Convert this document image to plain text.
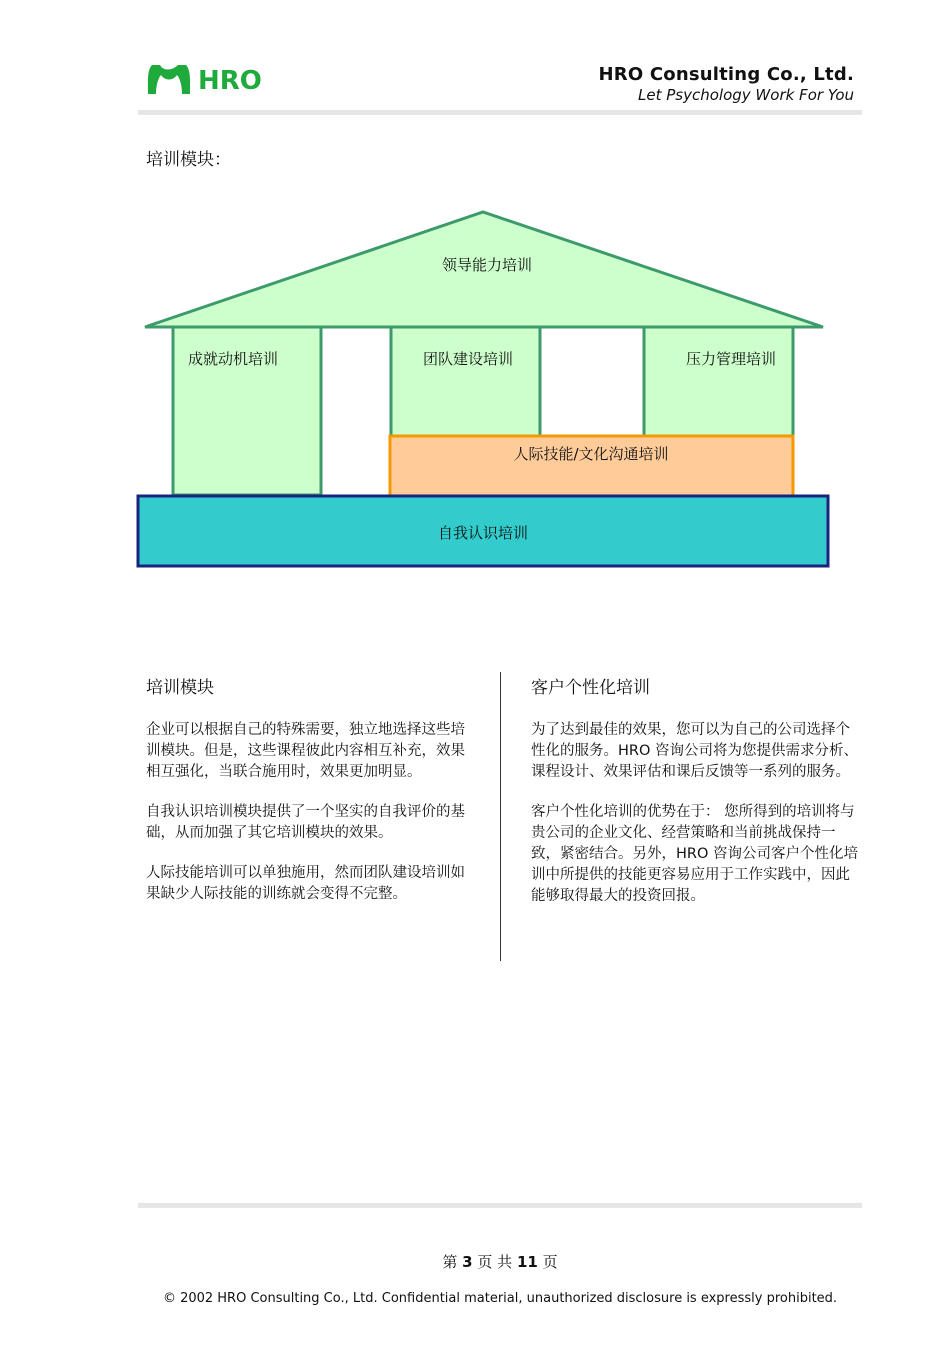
HRO	HRO Consulting Co., Ltd.
Let Psychology Work For You
培训模块：
领导能力培训
成就动机培训	团队建设培训	压力管理培训
人际技能/文化沟通培训
自我认识培训
培训模块

企业可以根据自己的特殊需要，独立地选择这些培训模块。但是，这些课程彼此内容相互补充，效果相互强化，当联合施用时，效果更加明显。

自我认识培训模块提供了一个坚实的自我评价的基础，从而加强了其它培训模块的效果。

人际技能培训可以单独施用，然而团队建设培训如果缺少人际技能的训练就会变得不完整。

客户个性化培训

为了达到最佳的效果，您可以为自己的公司选择个性化的服务。HRO 咨询公司将为您提供需求分析、课程设计、效果评估和课后反馈等一系列的服务。

客户个性化培训的优势在于： 您所得到的培训将与贵公司的企业文化、经营策略和当前挑战保持一致，紧密结合。另外，HRO 咨询公司客户个性化培训中所提供的技能更容易应用于工作实践中，因此能够取得最大的投资回报。

第 3 页 共 11 页
© 2002 HRO Consulting Co., Ltd. Confidential material, unauthorized disclosure is expressly prohibited.
